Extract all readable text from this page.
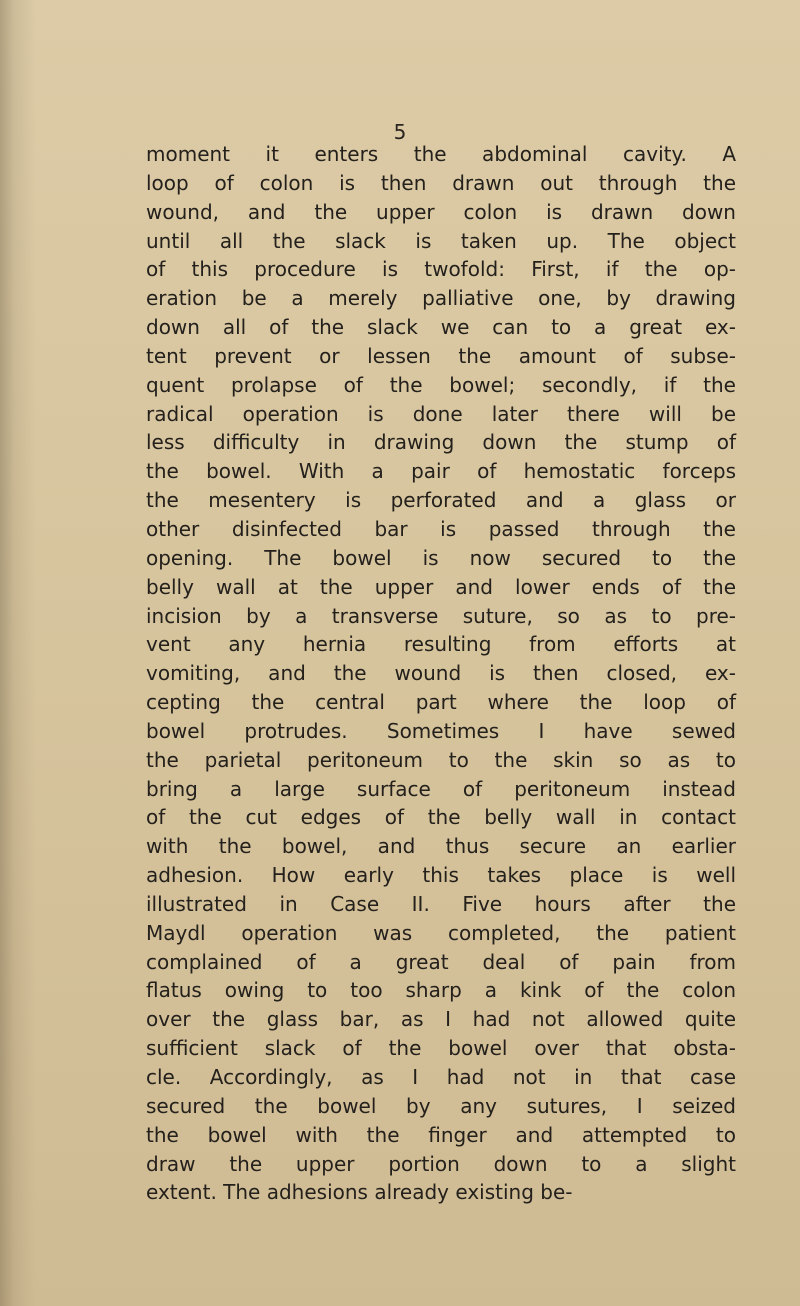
5

moment it enters the abdominal cavity. A
loop of colon is then drawn out through the
wound, and the upper colon is drawn down
until all the slack is taken up. The object
of this procedure is twofold: First, if the op-
eration be a merely palliative one, by drawing
down all of the slack we can to a great ex-
tent prevent or lessen the amount of subse-
quent prolapse of the bowel; secondly, if the
radical operation is done later there will be
less difficulty in drawing down the stump of
the bowel. With a pair of hemostatic forceps
the mesentery is perforated and a glass or
other disinfected bar is passed through the
opening. The bowel is now secured to the
belly wall at the upper and lower ends of the
incision by a transverse suture, so as to pre-
vent any hernia resulting from efforts at
vomiting, and the wound is then closed, ex-
cepting the central part where the loop of
bowel protrudes. Sometimes I have sewed
the parietal peritoneum to the skin so as to
bring a large surface of peritoneum instead
of the cut edges of the belly wall in contact
with the bowel, and thus secure an earlier
adhesion. How early this takes place is well
illustrated in Case II. Five hours after the
Maydl operation was completed, the patient
complained of a great deal of pain from
flatus owing to too sharp a kink of the colon
over the glass bar, as I had not allowed quite
sufficient slack of the bowel over that obsta-
cle. Accordingly, as I had not in that case
secured the bowel by any sutures, I seized
the bowel with the finger and attempted to
draw the upper portion down to a slight
extent. The adhesions already existing be-
